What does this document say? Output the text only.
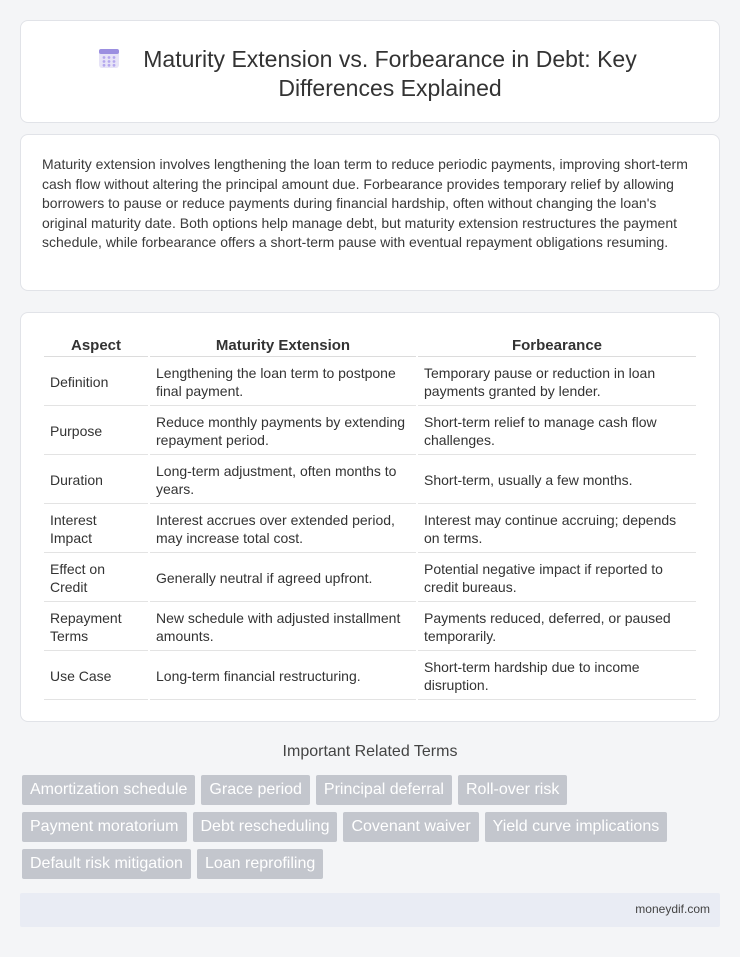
Maturity Extension vs. Forbearance in Debt: Key Differences Explained

Maturity extension involves lengthening the loan term to reduce periodic payments, improving short-term cash flow without altering the principal amount due. Forbearance provides temporary relief by allowing borrowers to pause or reduce payments during financial hardship, often without changing the loan's original maturity date. Both options help manage debt, but maturity extension restructures the payment schedule, while forbearance offers a short-term pause with eventual repayment obligations resuming.

Aspect	Maturity Extension	Forbearance
Definition	Lengthening the loan term to postpone final payment.	Temporary pause or reduction in loan payments granted by lender.
Purpose	Reduce monthly payments by extending repayment period.	Short-term relief to manage cash flow challenges.
Duration	Long-term adjustment, often months to years.	Short-term, usually a few months.
Interest Impact	Interest accrues over extended period, may increase total cost.	Interest may continue accruing; depends on terms.
Effect on Credit	Generally neutral if agreed upfront.	Potential negative impact if reported to credit bureaus.
Repayment Terms	New schedule with adjusted installment amounts.	Payments reduced, deferred, or paused temporarily.
Use Case	Long-term financial restructuring.	Short-term hardship due to income disruption.
Important Related Terms
Amortization schedule	Grace period	Principal deferral	Roll-over risk
Payment moratorium	Debt rescheduling	Covenant waiver	Yield curve implications
Default risk mitigation	Loan reprofiling
moneydif.com
